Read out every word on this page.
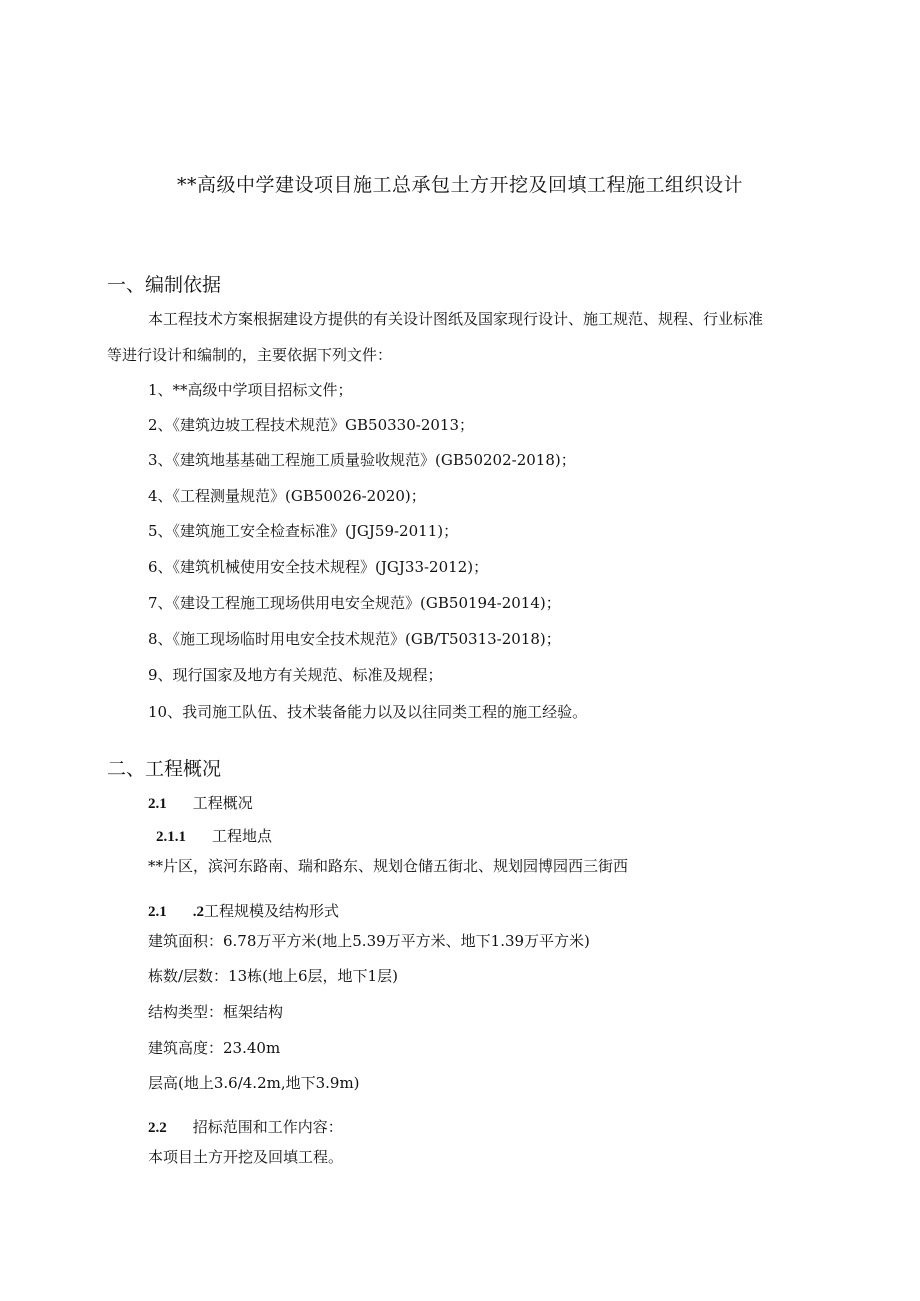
**高级中学建设项目施工总承包土方开挖及回填工程施工组织设计
一、编制依据
本工程技术方案根据建设方提供的有关设计图纸及国家现行设计、施工规范、规程、行业标准
等进行设计和编制的，主要依据下列文件：
1、**高级中学项目招标文件；
2、《建筑边坡工程技术规范》GB50330-2013；
3、《建筑地基基础工程施工质量验收规范》(GB50202-2018)；
4、《工程测量规范》(GB50026-2020)；
5、《建筑施工安全检查标准》(JGJ59-2011)；
6、《建筑机械使用安全技术规程》(JGJ33-2012)；
7、《建设工程施工现场供用电安全规范》(GB50194-2014)；
8、《施工现场临时用电安全技术规范》(GB/T50313-2018)；
9、现行国家及地方有关规范、标准及规程；
10、我司施工队伍、技术装备能力以及以往同类工程的施工经验。
二、工程概况
2.1 工程概况
2.1.1 工程地点
**片区，滨河东路南、瑞和路东、规划仓储五街北、规划园博园西三街西
2.1 .2工程规模及结构形式
建筑面积：6.78万平方米(地上5.39万平方米、地下1.39万平方米)
栋数/层数：13栋(地上6层，地下1层)
结构类型：框架结构
建筑高度：23.40m
层高(地上3.6/4.2m,地下3.9m)
2.2 招标范围和工作内容：
本项目土方开挖及回填工程。
